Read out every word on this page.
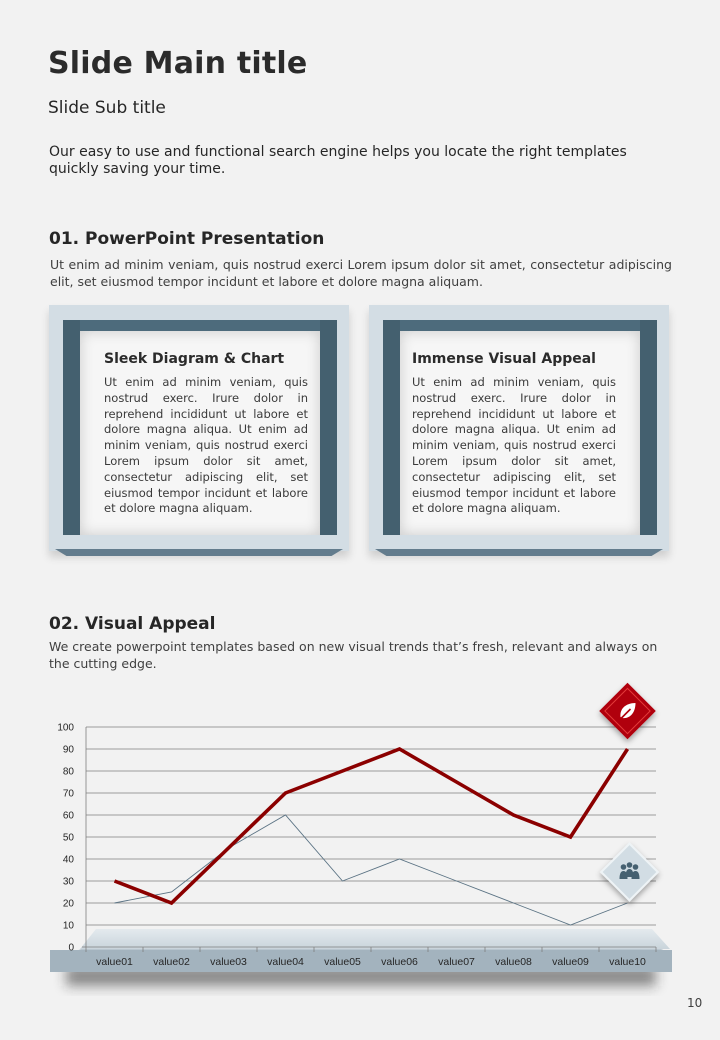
Slide Main title
Slide Sub title
Our easy to use and functional search engine helps you locate the right templates quickly saving your time.
01. PowerPoint Presentation
Ut enim ad minim veniam, quis nostrud exerci Lorem ipsum dolor sit amet, consectetur adipiscing elit, set eiusmod tempor incidunt et labore et dolore magna aliquam.
Sleek Diagram & Chart
Ut enim ad minim veniam, quis nostrud exerc. Irure dolor in reprehend incididunt ut labore et dolore magna aliqua. Ut enim ad minim veniam, quis nostrud exerci Lorem ipsum dolor sit amet, consectetur adipiscing elit, set eiusmod tempor incidunt et labore et dolore magna aliquam.
Immense Visual Appeal
Ut enim ad minim veniam, quis nostrud exerc. Irure dolor in reprehend incididunt ut labore et dolore magna aliqua. Ut enim ad minim veniam, quis nostrud exerci Lorem ipsum dolor sit amet, consectetur adipiscing elit, set eiusmod tempor incidunt et labore et dolore magna aliquam.
02. Visual Appeal
We create powerpoint templates based on new visual trends that’s fresh, relevant and always on the cutting edge.
0
10
20
30
40
50
60
70
80
90
100
value01 value02 value03 value04 value05 value06 value07 value08 value09 value10
10
